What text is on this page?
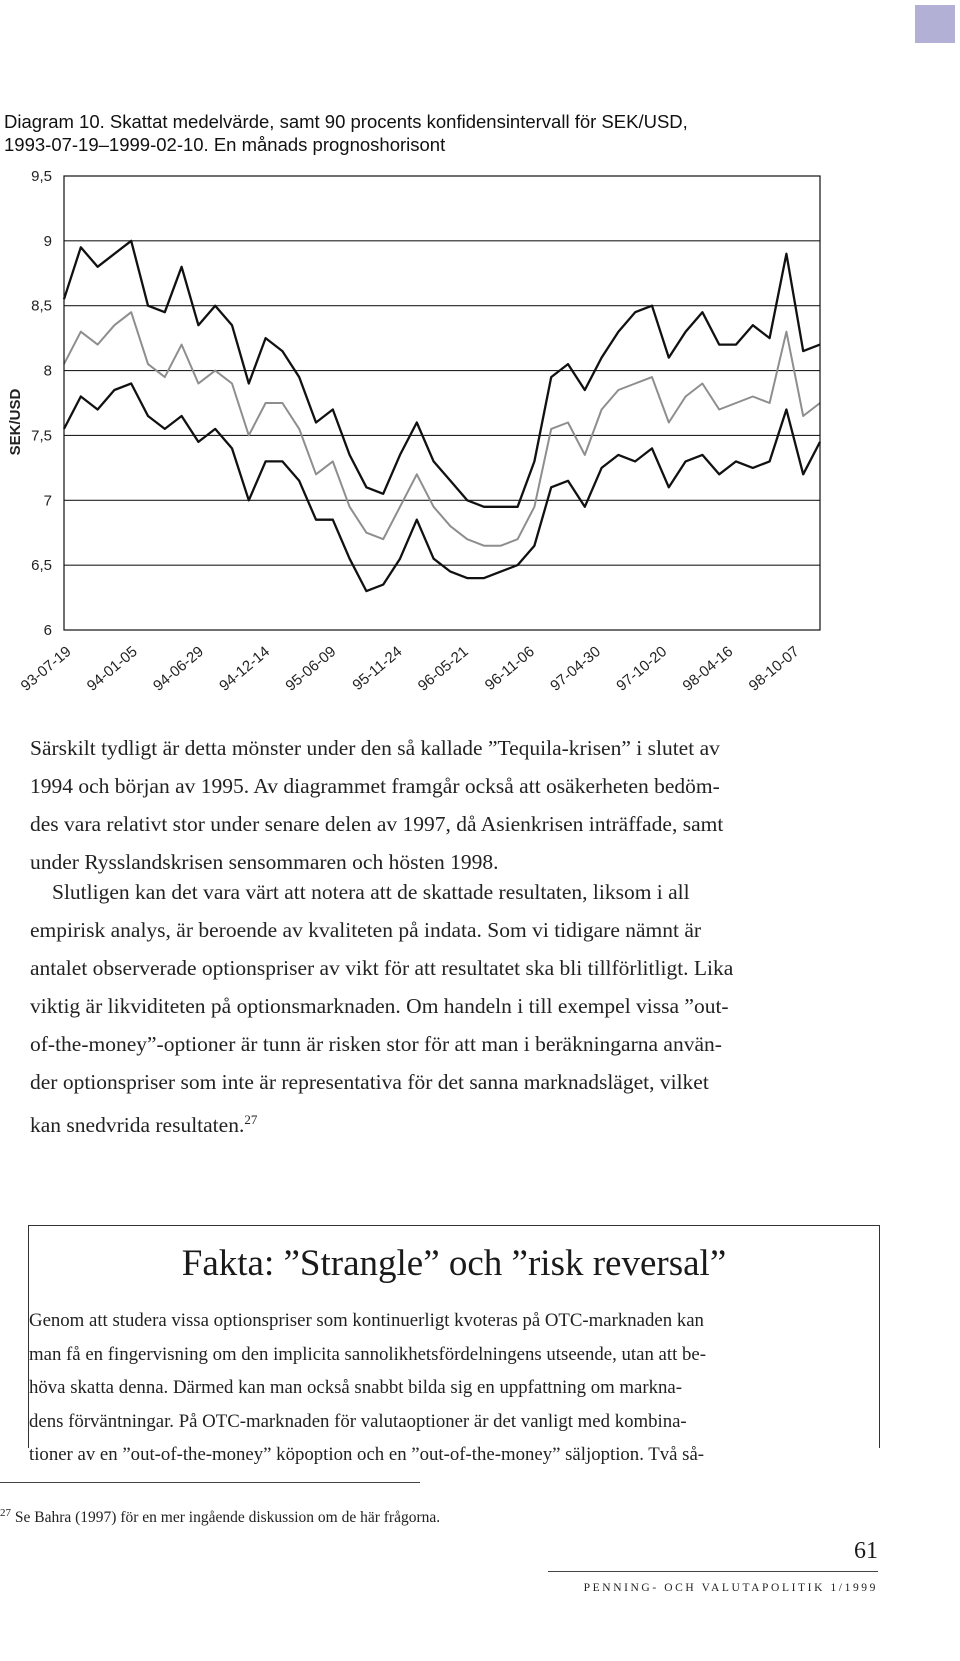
Diagram 10. Skattat medelvärde, samt 90 procents konfidensintervall för SEK/USD,
1993-07-19–1999-02-10. En månads prognoshorisont
6
6,5
7
7,5
8
8,5
9
9,5
SEK/USD
93-07-19 94-01-05 94-06-29 94-12-14 95-06-09 95-11-24 96-05-21 96-11-06 97-04-30 97-10-20 98-04-16 98-10-07

Särskilt tydligt är detta mönster under den så kallade ”Tequila-krisen” i slutet av

1994 och början av 1995. Av diagrammet framgår också att osäkerheten bedöm-

des vara relativt stor under senare delen av 1997, då Asienkrisen inträffade, samt

under Rysslandskrisen sensommaren och hösten 1998.

Slutligen kan det vara värt att notera att de skattade resultaten, liksom i all

empirisk analys, är beroende av kvaliteten på indata. Som vi tidigare nämnt är

antalet observerade optionspriser av vikt för att resultatet ska bli tillförlitligt. Lika

viktig är likviditeten på optionsmarknaden. Om handeln i till exempel vissa ”out-

of-the-money”-optioner är tunn är risken stor för att man i beräkningarna använ-

der optionspriser som inte är representativa för det sanna marknadsläget, vilket

kan snedvrida resultaten.$^{27}$

Fakta: ”Strangle” och ”risk reversal”
Genom att studera vissa optionspriser som kontinuerligt kvoteras på OTC-marknaden kan
man få en fingervisning om den implicita sannolikhetsfördelningens utseende, utan att be-
höva skatta denna. Därmed kan man också snabbt bilda sig en uppfattning om markna-
dens förväntningar. På OTC-marknaden för valutaoptioner är det vanligt med kombina-
tioner av en ”out-of-the-money” köpoption och en ”out-of-the-money” säljoption. Två så-
$^{27}$ Se Bahra (1997) för en mer ingående diskussion om de här frågorna.
61
PENNING- OCH VALUTAPOLITIK 1/1999
